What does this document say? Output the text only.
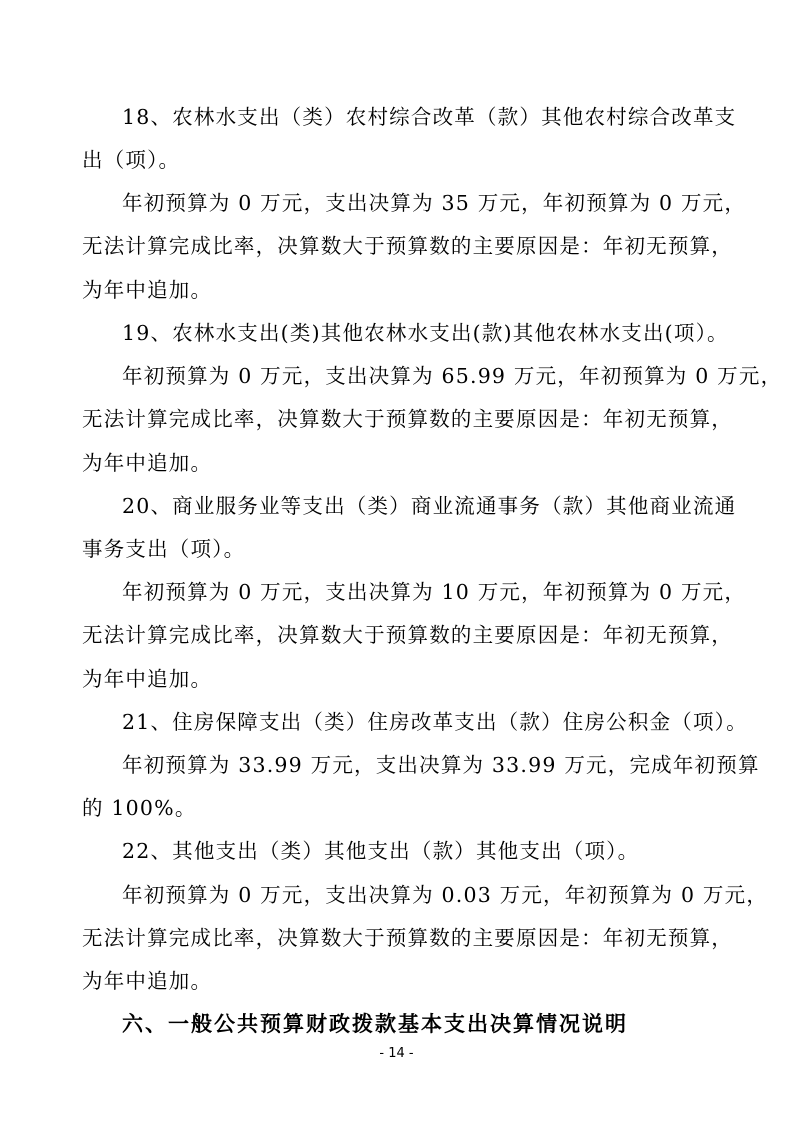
18、农林水支出（类）农村综合改革（款）其他农村综合改革支
出（项）。
年初预算为 0 万元，支出决算为 35 万元，年初预算为 0 万元，
无法计算完成比率，决算数大于预算数的主要原因是：年初无预算，
为年中追加。
19、农林水支出(类)其他农林水支出(款)其他农林水支出(项）。
年初预算为 0 万元，支出决算为 65.99 万元，年初预算为 0 万元，
无法计算完成比率，决算数大于预算数的主要原因是：年初无预算，
为年中追加。
20、商业服务业等支出（类）商业流通事务（款）其他商业流通
事务支出（项）。
年初预算为 0 万元，支出决算为 10 万元，年初预算为 0 万元，
无法计算完成比率，决算数大于预算数的主要原因是：年初无预算，
为年中追加。
21、住房保障支出（类）住房改革支出（款）住房公积金（项）。
年初预算为 33.99 万元，支出决算为 33.99 万元，完成年初预算
的 100%。
22、其他支出（类）其他支出（款）其他支出（项）。
年初预算为 0 万元，支出决算为 0.03 万元，年初预算为 0 万元，
无法计算完成比率，决算数大于预算数的主要原因是：年初无预算，
为年中追加。
六、一般公共预算财政拨款基本支出决算情况说明
- 14 -
